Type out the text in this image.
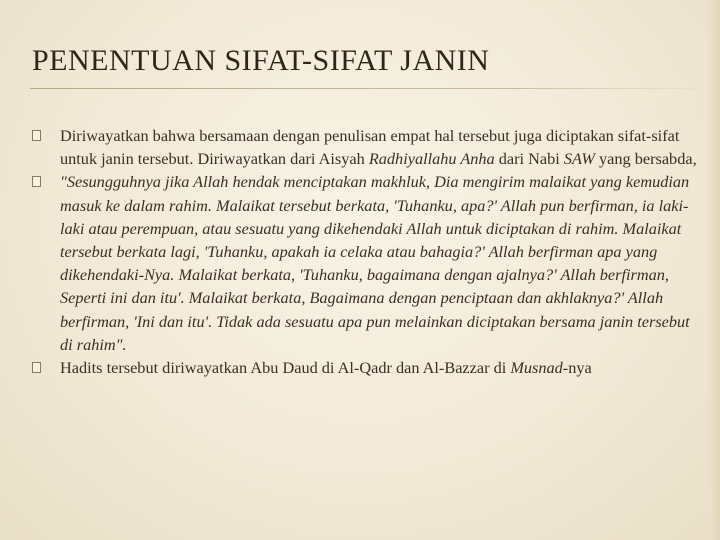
PENENTUAN SIFAT-SIFAT JANIN
Diriwayatkan bahwa bersamaan dengan penulisan empat hal tersebut juga diciptakan sifat-sifat untuk janin tersebut. Diriwayatkan dari Aisyah Radhiyallahu Anha dari Nabi SAW yang bersabda,
"Sesungguhnya jika Allah hendak menciptakan makhluk, Dia mengirim malaikat yang kemudian masuk ke dalam rahim. Malaikat tersebut berkata, 'Tuhanku, apa?' Allah pun berfirman, ia laki-laki atau perempuan, atau sesuatu yang dikehendaki Allah untuk diciptakan di rahim. Malaikat tersebut berkata lagi, 'Tuhanku, apakah ia celaka atau bahagia?' Allah berfirman apa yang dikehendaki-Nya. Malaikat berkata, 'Tuhanku, bagaimana dengan ajalnya?' Allah berfirman, Seperti ini dan itu'. Malaikat berkata, Bagaimana dengan penciptaan dan akhlaknya?' Allah berfirman, 'Ini dan itu'. Tidak ada sesuatu apa pun melainkan diciptakan bersama janin tersebut di rahim".
Hadits tersebut diriwayatkan Abu Daud di Al-Qadr dan Al-Bazzar di Musnad-nya
